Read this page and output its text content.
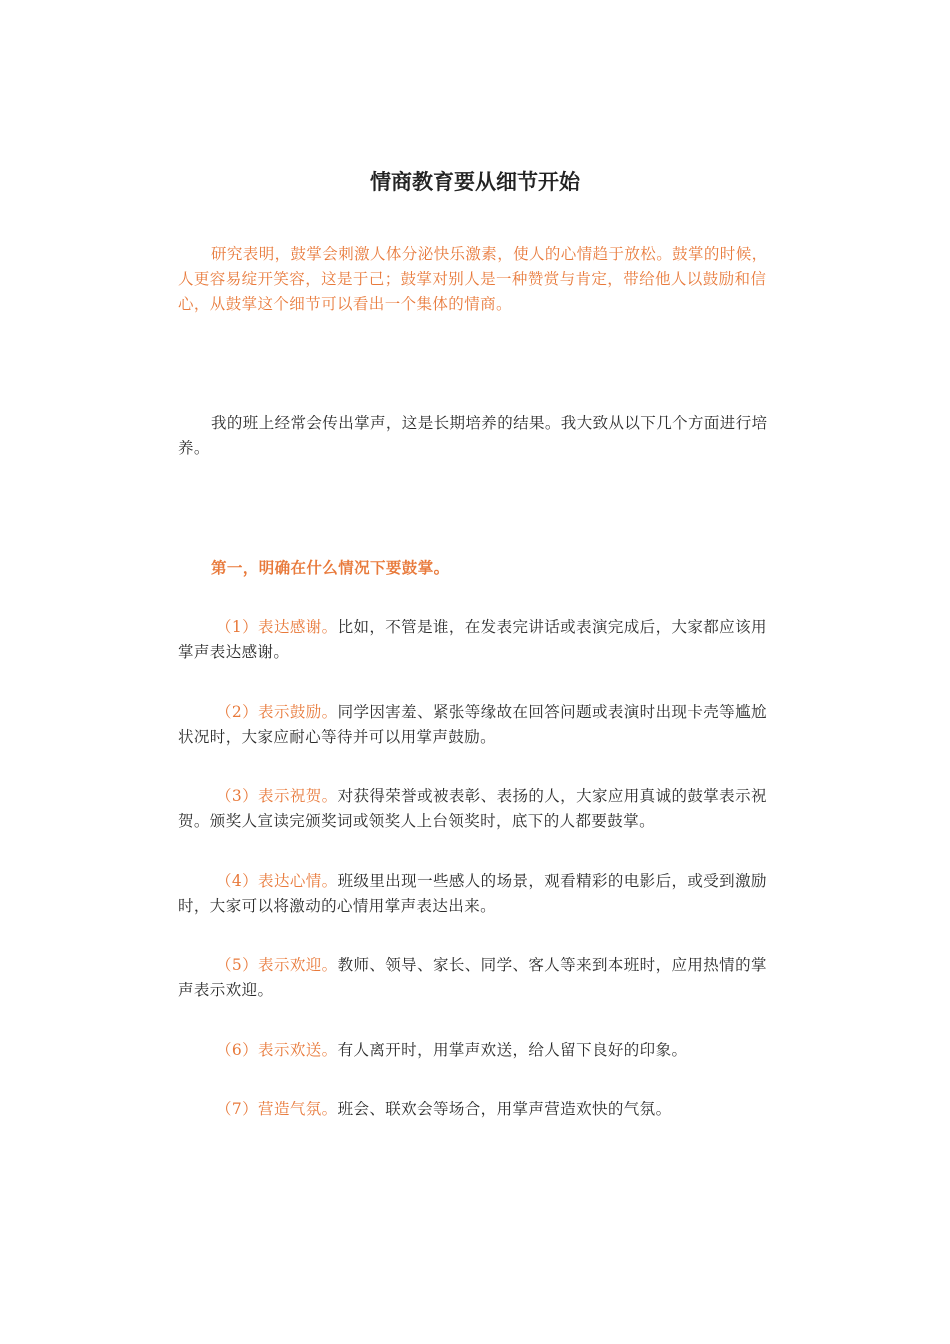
情商教育要从细节开始

研究表明，鼓掌会刺激人体分泌快乐激素，使人的心情趋于放松。鼓掌的时候，人更容易绽开笑容，这是于己；鼓掌对别人是一种赞赏与肯定，带给他人以鼓励和信心，从鼓掌这个细节可以看出一个集体的情商。

我的班上经常会传出掌声，这是长期培养的结果。我大致从以下几个方面进行培养。

第一，明确在什么情况下要鼓掌。

（1）表达感谢。比如，不管是谁，在发表完讲话或表演完成后，大家都应该用掌声表达感谢。

（2）表示鼓励。同学因害羞、紧张等缘故在回答问题或表演时出现卡壳等尴尬状况时，大家应耐心等待并可以用掌声鼓励。

（3）表示祝贺。对获得荣誉或被表彰、表扬的人，大家应用真诚的鼓掌表示祝贺。颁奖人宣读完颁奖词或领奖人上台领奖时，底下的人都要鼓掌。

（4）表达心情。班级里出现一些感人的场景，观看精彩的电影后，或受到激励时，大家可以将激动的心情用掌声表达出来。

（5）表示欢迎。教师、领导、家长、同学、客人等来到本班时，应用热情的掌声表示欢迎。

（6）表示欢送。有人离开时，用掌声欢送，给人留下良好的印象。

（7）营造气氛。班会、联欢会等场合，用掌声营造欢快的气氛。
